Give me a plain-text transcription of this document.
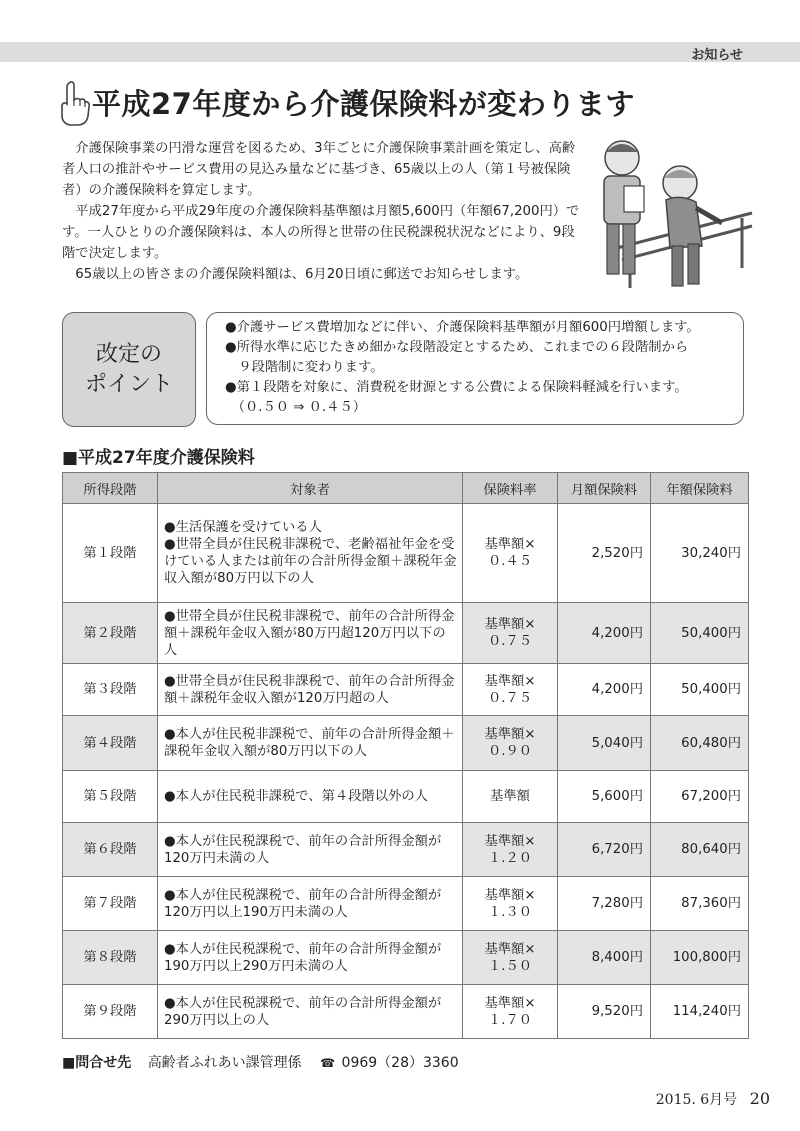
お知らせ
平成27年度から介護保険料が変わります

　介護保険事業の円滑な運営を図るため、3年ごとに介護保険事業計画を策定し、高齢者人口の推計やサービス費用の見込み量などに基づき、65歳以上の人（第１号被保険者）の介護保険料を算定します。

　平成27年度から平成29年度の介護保険料基準額は月額5,600円（年額67,200円）です。一人ひとりの介護保険料は、本人の所得と世帯の住民税課税状況などにより、9段階で決定します。

　65歳以上の皆さまの介護保険料額は、6月20日頃に郵送でお知らせします。

改定の
ポイント
●介護サービス費増加などに伴い、介護保険料基準額が月額600円増額します。
●所得水準に応じたきめ細かな段階設定とするため、これまでの６段階制から
　９段階制に変わります。
●第１段階を対象に、消費税を財源とする公費による保険料軽減を行います。
　（０.５０ ⇒ ０.４５）
■平成27年度介護保険料
所得段階	対象者	保険料率	月額保険料	年額保険料
第１段階	●生活保護を受けている人
●世帯全員が住民税非課税で、老齢福祉年金を受けている人または前年の合計所得金額＋課税年金収入額が80万円以下の人	基準額×
０.４５	2,520円	30,240円
第２段階	●世帯全員が住民税非課税で、前年の合計所得金額＋課税年金収入額が80万円超120万円以下の人	基準額×
０.７５	4,200円	50,400円
第３段階	●世帯全員が住民税非課税で、前年の合計所得金額＋課税年金収入額が120万円超の人	基準額×
０.７５	4,200円	50,400円
第４段階	●本人が住民税非課税で、前年の合計所得金額＋課税年金収入額が80万円以下の人	基準額×
０.９０	5,040円	60,480円
第５段階	●本人が住民税非課税で、第４段階以外の人	基準額	5,600円	67,200円
第６段階	●本人が住民税課税で、前年の合計所得金額が120万円未満の人	基準額×
１.２０	6,720円	80,640円
第７段階	●本人が住民税課税で、前年の合計所得金額が120万円以上190万円未満の人	基準額×
１.３０	7,280円	87,360円
第８段階	●本人が住民税課税で、前年の合計所得金額が190万円以上290万円未満の人	基準額×
１.５０	8,400円	100,800円
第９段階	●本人が住民税課税で、前年の合計所得金額が290万円以上の人	基準額×
１.７０	9,520円	114,240円
■問合せ先 高齢者ふれあい課管理係 ☎ 0969（28）3360
2015. 6月号 20
